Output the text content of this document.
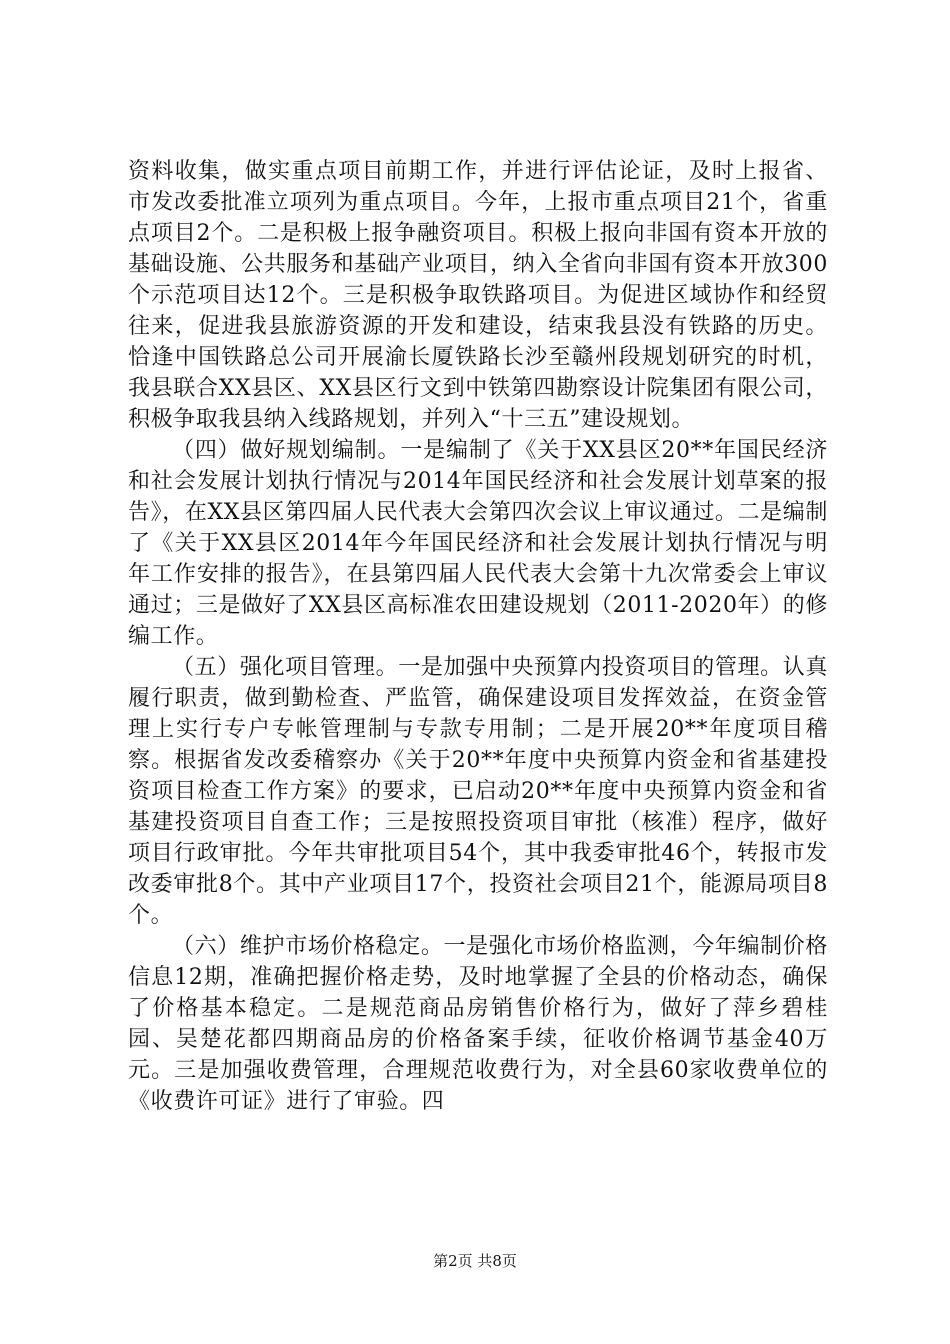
资料收集，做实重点项目前期工作，并进行评估论证，及时上报省、市发改委批准立项列为重点项目。今年，上报市重点项目21个，省重点项目2个。二是积极上报争融资项目。积极上报向非国有资本开放的基础设施、公共服务和基础产业项目，纳入全省向非国有资本开放300个示范项目达12个。三是积极争取铁路项目。为促进区域协作和经贸往来，促进我县旅游资源的开发和建设，结束我县没有铁路的历史。恰逢中国铁路总公司开展渝长厦铁路长沙至赣州段规划研究的时机，我县联合XX县区、XX县区行文到中铁第四勘察设计院集团有限公司，积极争取我县纳入线路规划，并列入“十三五”建设规划。

（四）做好规划编制。一是编制了《关于XX县区20**年国民经济和社会发展计划执行情况与2014年国民经济和社会发展计划草案的报告》，在XX县区第四届人民代表大会第四次会议上审议通过。二是编制了《关于XX县区2014年今年国民经济和社会发展计划执行情况与明年工作安排的报告》，在县第四届人民代表大会第十九次常委会上审议通过；三是做好了XX县区高标准农田建设规划（2011-2020年）的修编工作。

（五）强化项目管理。一是加强中央预算内投资项目的管理。认真履行职责，做到勤检查、严监管，确保建设项目发挥效益，在资金管理上实行专户专帐管理制与专款专用制；二是开展20**年度项目稽察。根据省发改委稽察办《关于20**年度中央预算内资金和省基建投资项目检查工作方案》的要求，已启动20**年度中央预算内资金和省基建投资项目自查工作；三是按照投资项目审批（核准）程序，做好项目行政审批。今年共审批项目54个，其中我委审批46个，转报市发改委审批8个。其中产业项目17个，投资社会项目21个，能源局项目8个。

（六）维护市场价格稳定。一是强化市场价格监测，今年编制价格信息12期，准确把握价格走势，及时地掌握了全县的价格动态，确保了价格基本稳定。二是规范商品房销售价格行为，做好了萍乡碧桂园、吴楚花都四期商品房的价格备案手续，征收价格调节基金40万元。三是加强收费管理，合理规范收费行为，对全县60家收费单位的《收费许可证》进行了审验。四

第2页 共8页
